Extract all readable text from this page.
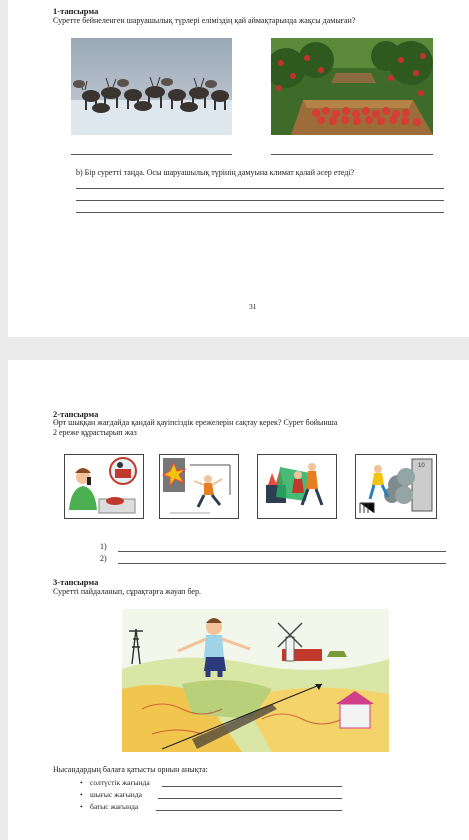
1-тапсырма
Суретте бейнеленген шаруашылық түрлері еліміздің қай аймақтарында жақсы дамыған?
b) Бір суретті таңда. Осы шаруашылық түрінің дамуына климат қалай әсер етеді?
31
2-тапсырма
Өрт шыққан жағдайда қандай қауіпсіздік ережелерін сақтау керек? Сурет бойынша
2 ереже құрастырып жаз
10
1)
2)
3-тапсырма
Суретті пайдаланып, сұрақтарға жауап бер.
Нысандардың балаға қатысты орнын анықта:
• солтүстік жағында
• шығыс жағында
• батыс жағында
